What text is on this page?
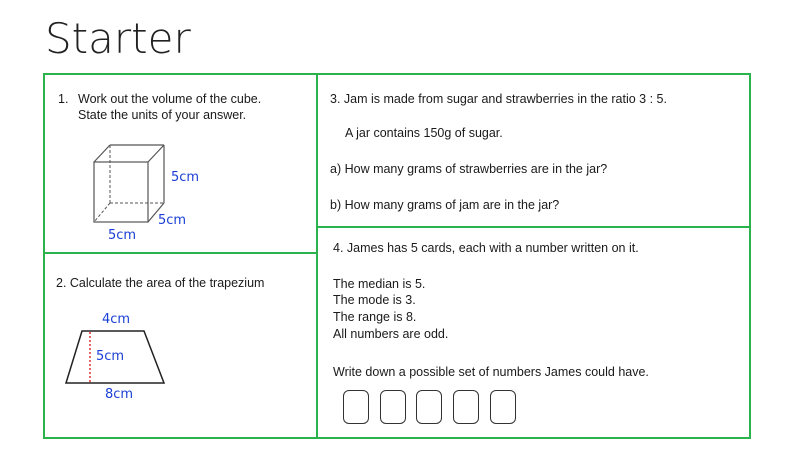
Starter
1. Work out the volume of the cube.
State the units of your answer.
5cm
5cm
5cm
2. Calculate the area of the trapezium
4cm
5cm
8cm
3. Jam is made from sugar and strawberries in the ratio 3 : 5.
A jar contains 150g of sugar.
a) How many grams of strawberries are in the jar?
b) How many grams of jam are in the jar?
4. James has 5 cards, each with a number written on it.
The median is 5.
The mode is 3.
The range is 8.
All numbers are odd.
Write down a possible set of numbers James could have.
